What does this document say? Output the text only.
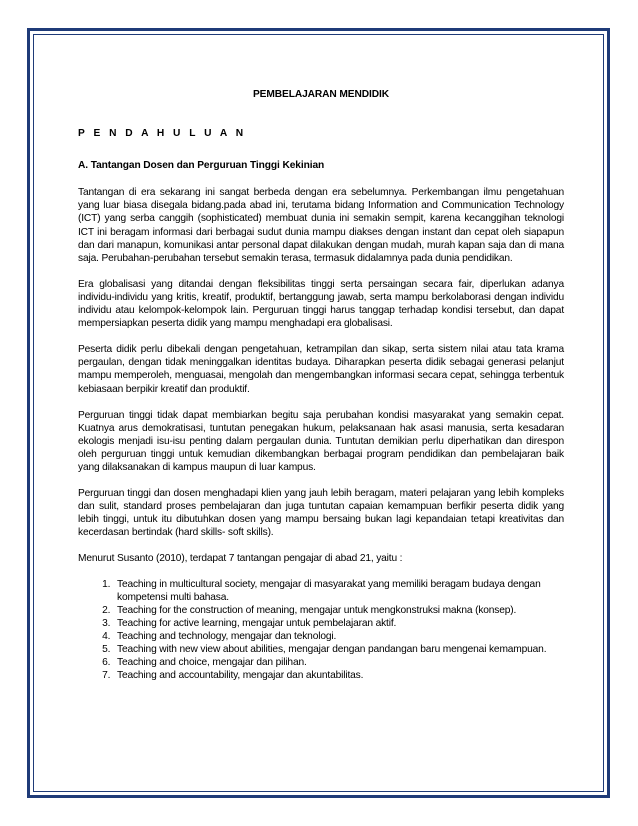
PEMBELAJARAN MENDIDIK
P E N D A H U L U A N
A. Tantangan Dosen dan Perguruan Tinggi Kekinian

Tantangan di era sekarang ini sangat berbeda dengan era sebelumnya. Perkembangan ilmu pengetahuan yang luar biasa disegala bidang.pada abad ini, terutama bidang Information and Communication Technology (ICT) yang serba canggih (sophisticated) membuat dunia ini semakin sempit, karena kecanggihan teknologi ICT ini beragam informasi dari berbagai sudut dunia mampu diakses dengan instant dan cepat oleh siapapun dan dari manapun, komunikasi antar personal dapat dilakukan dengan mudah, murah kapan saja dan di mana saja. Perubahan-perubahan tersebut semakin terasa, termasuk didalamnya pada dunia pendidikan.

Era globalisasi yang ditandai dengan fleksibilitas tinggi serta persaingan secara fair, diperlukan adanya individu-individu yang kritis, kreatif, produktif, bertanggung jawab, serta mampu berkolaborasi dengan individu individu atau kelompok-kelompok lain. Perguruan tinggi harus tanggap terhadap kondisi tersebut, dan dapat mempersiapkan peserta didik yang mampu menghadapi era globalisasi.

Peserta didik perlu dibekali dengan pengetahuan, ketrampilan dan sikap, serta sistem nilai atau tata krama pergaulan, dengan tidak meninggalkan identitas budaya. Diharapkan peserta didik sebagai generasi pelanjut mampu memperoleh, menguasai, mengolah dan mengembangkan informasi secara cepat, sehingga terbentuk kebiasaan berpikir kreatif dan produktif.

Perguruan tinggi tidak dapat membiarkan begitu saja perubahan kondisi masyarakat yang semakin cepat. Kuatnya arus demokratisasi, tuntutan penegakan hukum, pelaksanaan hak asasi manusia, serta kesadaran ekologis menjadi isu-isu penting dalam pergaulan dunia. Tuntutan demikian perlu diperhatikan dan direspon oleh perguruan tinggi untuk kemudian dikembangkan berbagai program pendidikan dan pembelajaran baik yang dilaksanakan di kampus maupun di luar kampus.

Perguruan tinggi dan dosen menghadapi klien yang jauh lebih beragam, materi pelajaran yang lebih kompleks dan sulit, standard proses pembelajaran dan juga tuntutan capaian kemampuan berfikir peserta didik yang lebih tinggi, untuk itu dibutuhkan dosen yang mampu bersaing bukan lagi kepandaian tetapi kreativitas dan kecerdasan bertindak (hard skills- soft skills).

Menurut Susanto (2010), terdapat 7 tantangan pengajar di abad 21, yaitu :

1. Teaching in multicultural society, mengajar di masyarakat yang memiliki beragam budaya dengan kompetensi multi bahasa.
2. Teaching for the construction of meaning, mengajar untuk mengkonstruksi makna (konsep).
3. Teaching for active learning, mengajar untuk pembelajaran aktif.
4. Teaching and technology, mengajar dan teknologi.
5. Teaching with new view about abilities, mengajar dengan pandangan baru mengenai kemampuan.
6. Teaching and choice, mengajar dan pilihan.
7. Teaching and accountability, mengajar dan akuntabilitas.
